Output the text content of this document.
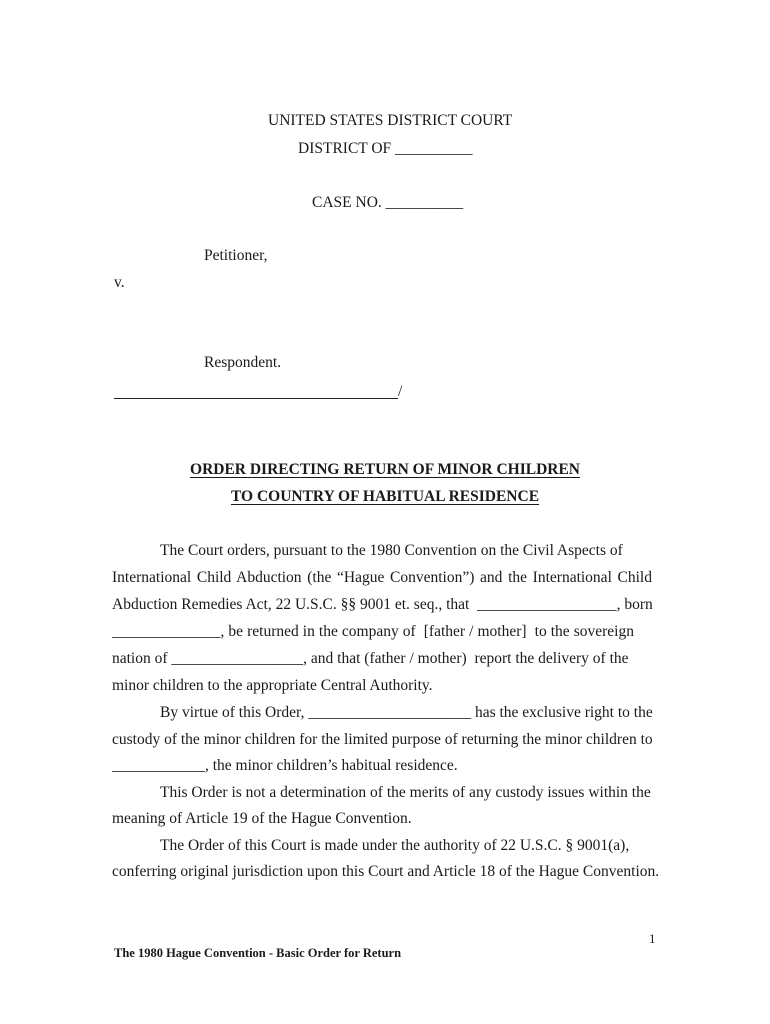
UNITED STATES DISTRICT COURT
DISTRICT OF __________
CASE NO. __________
Petitioner,
v.
Respondent.
/
ORDER DIRECTING RETURN OF MINOR CHILDREN
TO COUNTRY OF HABITUAL RESIDENCE
The Court orders, pursuant to the 1980 Convention on the Civil Aspects of
International Child Abduction (the “Hague Convention”) and the International Child
Abduction Remedies Act, 22 U.S.C. §§ 9001 et. seq., that  __________________, born
______________, be returned in the company of  [father / mother]  to the sovereign
nation of _________________, and that (father / mother)  report the delivery of the
minor children to the appropriate Central Authority.
By virtue of this Order, _____________________ has the exclusive right to the
custody of the minor children for the limited purpose of returning the minor children to
____________, the minor children’s habitual residence.
This Order is not a determination of the merits of any custody issues within the
meaning of Article 19 of the Hague Convention.
The Order of this Court is made under the authority of 22 U.S.C. § 9001(a),
conferring original jurisdiction upon this Court and Article 18 of the Hague Convention.
1
The 1980 Hague Convention - Basic Order for Return
